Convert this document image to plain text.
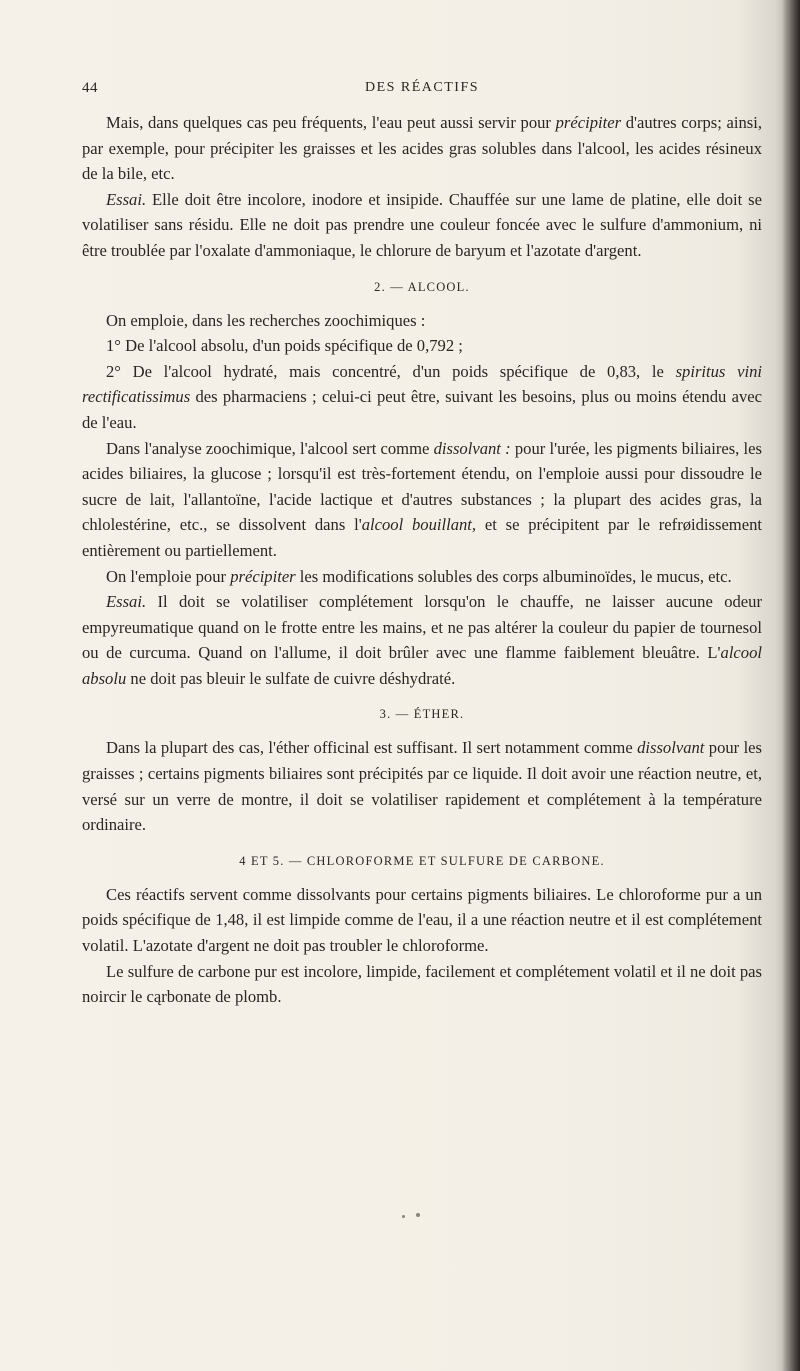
44	DES RÉACTIFS

Mais, dans quelques cas peu fréquents, l'eau peut aussi servir pour précipiter d'autres corps; ainsi, par exemple, pour précipiter les graisses et les acides gras solubles dans l'alcool, les acides résineux de la bile, etc.

Essai. Elle doit être incolore, inodore et insipide. Chauffée sur une lame de platine, elle doit se volatiliser sans résidu. Elle ne doit pas prendre une couleur foncée avec le sulfure d'ammonium, ni être troublée par l'oxalate d'ammoniaque, le chlorure de baryum et l'azotate d'argent.

2. — ALCOOL.

On emploie, dans les recherches zoochimiques :

1° De l'alcool absolu, d'un poids spécifique de 0,792 ;

2° De l'alcool hydraté, mais concentré, d'un poids spécifique de 0,83, le spiritus vini rectificatissimus des pharmaciens ; celui-ci peut être, suivant les besoins, plus ou moins étendu avec de l'eau.

Dans l'analyse zoochimique, l'alcool sert comme dissolvant : pour l'urée, les pigments biliaires, les acides biliaires, la glucose ; lorsqu'il est très-fortement étendu, on l'emploie aussi pour dissoudre le sucre de lait, l'allantoïne, l'acide lactique et d'autres substances ; la plupart des acides gras, la chlolestérine, etc., se dissolvent dans l'alcool bouillant, et se précipitent par le refrøidissement entièrement ou partiellement.

On l'emploie pour précipiter les modifications solubles des corps albuminoïdes, le mucus, etc.

Essai. Il doit se volatiliser complétement lorsqu'on le chauffe, ne laisser aucune odeur empyreumatique quand on le frotte entre les mains, et ne pas altérer la couleur du papier de tournesol ou de curcuma. Quand on l'allume, il doit brûler avec une flamme faiblement bleuâtre. L'alcool absolu ne doit pas bleuir le sulfate de cuivre déshydraté.

3. — ÉTHER.

Dans la plupart des cas, l'éther officinal est suffisant. Il sert notamment comme dissolvant pour les graisses ; certains pigments biliaires sont précipités par ce liquide. Il doit avoir une réaction neutre, et, versé sur un verre de montre, il doit se volatiliser rapidement et complétement à la température ordinaire.

4 ET 5. — CHLOROFORME ET SULFURE DE CARBONE.

Ces réactifs servent comme dissolvants pour certains pigments biliaires. Le chloroforme pur a un poids spécifique de 1,48, il est limpide comme de l'eau, il a une réaction neutre et il est complétement volatil. L'azotate d'argent ne doit pas troubler le chloroforme.

Le sulfure de carbone pur est incolore, limpide, facilement et complétement volatil et il ne doit pas noircir le cąrbonate de plomb.
